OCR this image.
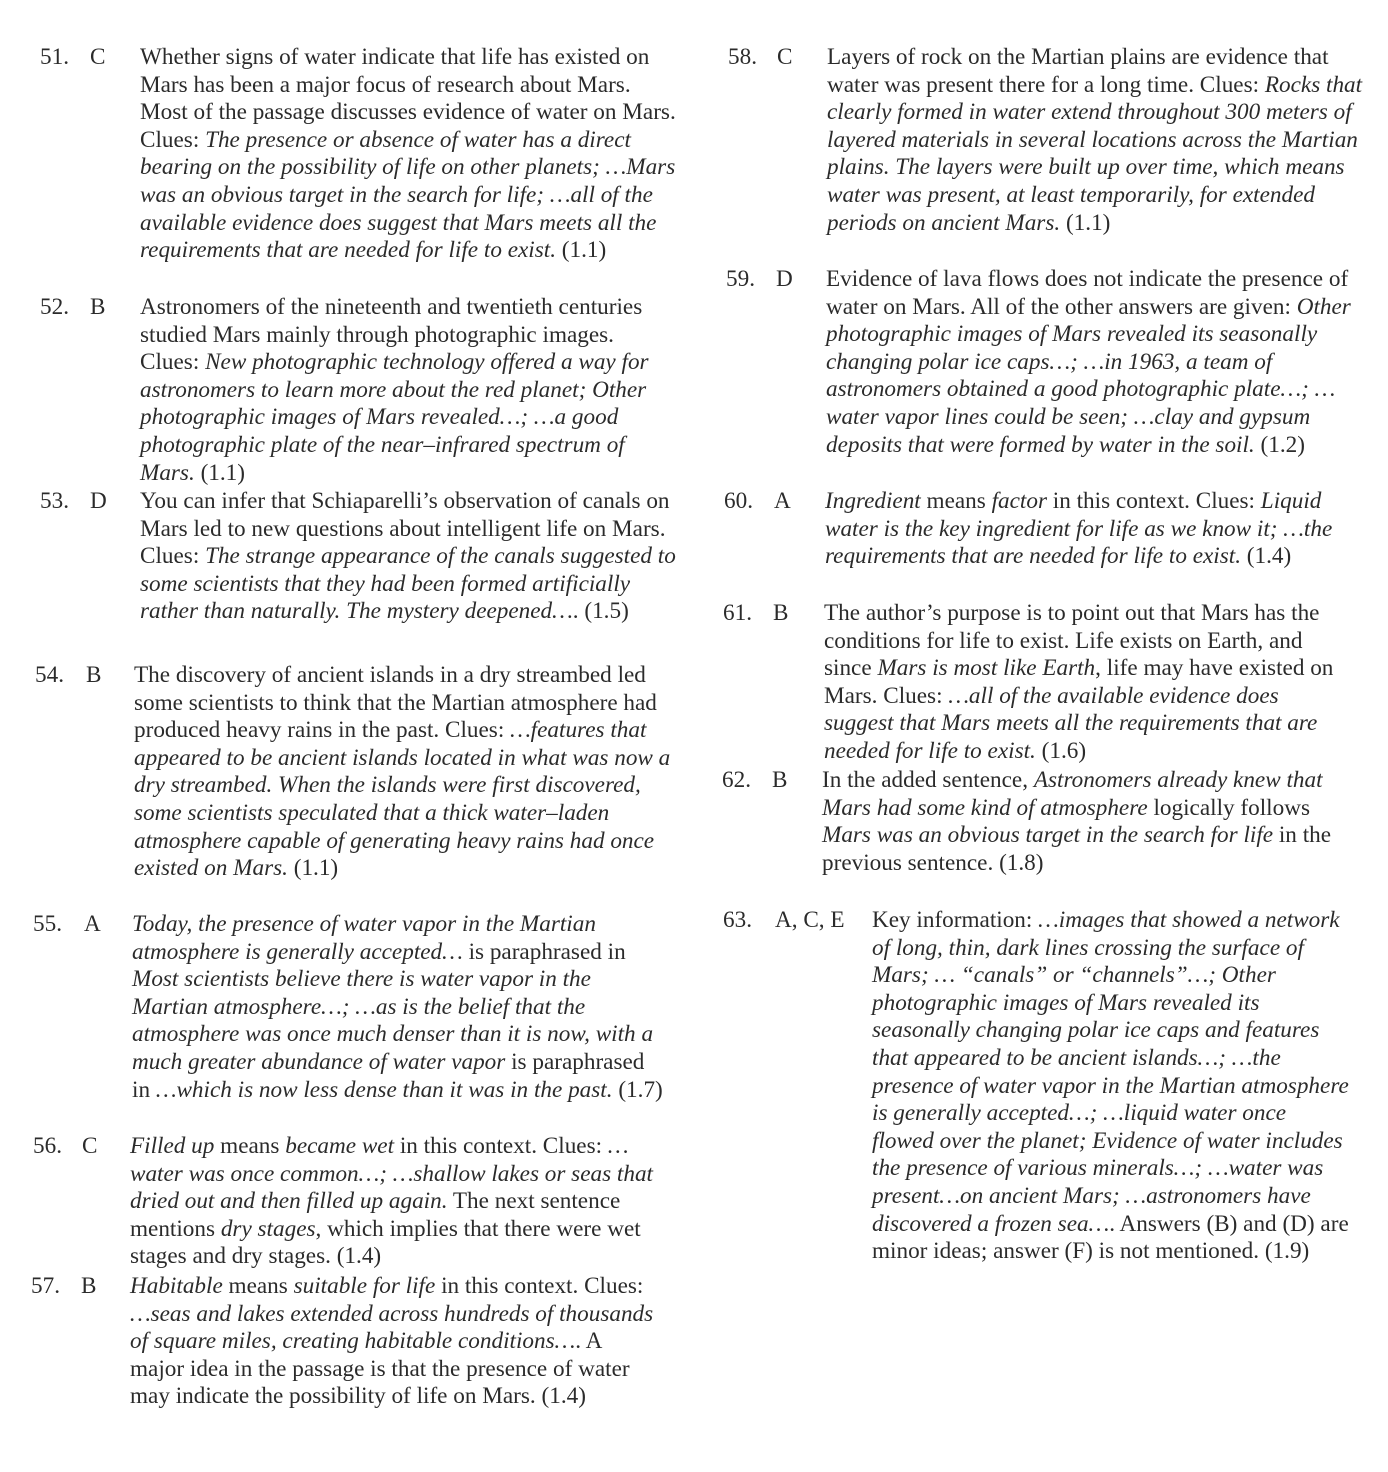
51. C Whether signs of water indicate that life has existed on Mars has been a major focus of research about Mars. Most of the passage discusses evidence of water on Mars. Clues: The presence or absence of water has a direct bearing on the possibility of life on other planets; …Mars was an obvious target in the search for life; …all of the available evidence does suggest that Mars meets all the requirements that are needed for life to exist. (1.1)

52. B Astronomers of the nineteenth and twentieth centuries studied Mars mainly through photographic images. Clues: New photographic technology offered a way for astronomers to learn more about the red planet; Other photographic images of Mars revealed…; …a good photographic plate of the near–infrared spectrum of Mars. (1.1)

53. D You can infer that Schiaparelli’s observation of canals on Mars led to new questions about intelligent life on Mars. Clues: The strange appearance of the canals suggested to some scientists that they had been formed artificially rather than naturally. The mystery deepened…. (1.5)

54. B The discovery of ancient islands in a dry streambed led some scientists to think that the Martian atmosphere had produced heavy rains in the past. Clues: …features that appeared to be ancient islands located in what was now a dry streambed. When the islands were first discovered, some scientists speculated that a thick water–laden atmosphere capable of generating heavy rains had once existed on Mars. (1.1)

55. A Today, the presence of water vapor in the Martian atmosphere is generally accepted… is paraphrased in Most scientists believe there is water vapor in the Martian atmosphere…; …as is the belief that the atmosphere was once much denser than it is now, with a much greater abundance of water vapor is paraphrased in …which is now less dense than it was in the past. (1.7)

56. C Filled up means became wet in this context. Clues: …water was once common…; …shallow lakes or seas that dried out and then filled up again. The next sentence mentions dry stages, which implies that there were wet stages and dry stages. (1.4)

57. B Habitable means suitable for life in this context. Clues: …seas and lakes extended across hundreds of thousands of square miles, creating habitable conditions…. A major idea in the passage is that the presence of water may indicate the possibility of life on Mars. (1.4)

58. C Layers of rock on the Martian plains are evidence that water was present there for a long time. Clues: Rocks that clearly formed in water extend throughout 300 meters of layered materials in several locations across the Martian plains. The layers were built up over time, which means water was present, at least temporarily, for extended periods on ancient Mars. (1.1)

59. D Evidence of lava flows does not indicate the presence of water on Mars. All of the other answers are given: Other photographic images of Mars revealed its seasonally changing polar ice caps…; …in 1963, a team of astronomers obtained a good photographic plate…; …water vapor lines could be seen; …clay and gypsum deposits that were formed by water in the soil. (1.2)

60. A Ingredient means factor in this context. Clues: Liquid water is the key ingredient for life as we know it; …the requirements that are needed for life to exist. (1.4)

61. B The author’s purpose is to point out that Mars has the conditions for life to exist. Life exists on Earth, and since Mars is most like Earth, life may have existed on Mars. Clues: …all of the available evidence does suggest that Mars meets all the requirements that are needed for life to exist. (1.6)

62. B In the added sentence, Astronomers already knew that Mars had some kind of atmosphere logically follows Mars was an obvious target in the search for life in the previous sentence. (1.8)

63. A, C, E Key information: …images that showed a network of long, thin, dark lines crossing the surface of Mars; … “canals” or “channels”…; Other photographic images of Mars revealed its seasonally changing polar ice caps and features that appeared to be ancient islands…; …the presence of water vapor in the Martian atmosphere is generally accepted…; …liquid water once flowed over the planet; Evidence of water includes the presence of various minerals…; …water was present…on ancient Mars; …astronomers have discovered a frozen sea…. Answers (B) and (D) are minor ideas; answer (F) is not mentioned. (1.9)
